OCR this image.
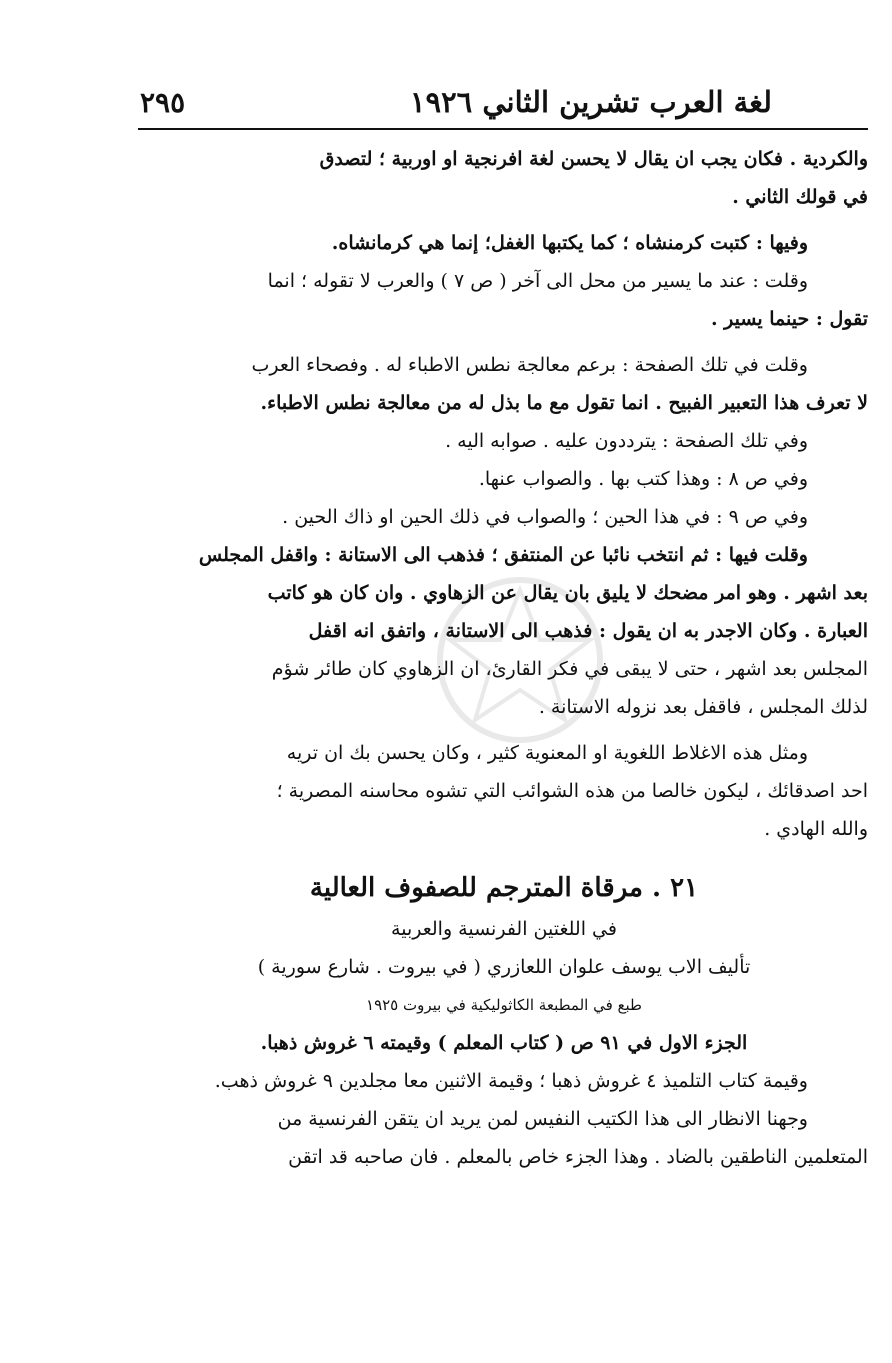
لغة العرب تشرين الثاني ١٩٢٦
٢٩٥

والكردية . فكان يجب ان يقال لا يحسن لغة افرنجية او اوربية ؛ لتصدق

في قولك الثاني .

وفيها : كتبت كرمنشاه ؛ كما يكتبها الغفل؛ إنما هي كرمانشاه.

وقلت : عند ما يسير من محل الى آخر ( ص ٧ ) والعرب لا تقوله ؛ انما

تقول : حينما يسير .

وقلت في تلك الصفحة : برعم معالجة نطس الاطباء له . وفصحاء العرب

لا تعرف هذا التعبير الفبيح . انما تقول مع ما بذل له من معالجة نطس الاطباء.

وفي تلك الصفحة : يترددون عليه . صوابه اليه .

وفي ص ٨ : وهذا كتب بها . والصواب عنها.

وفي ص ٩ : في هذا الحين ؛ والصواب في ذلك الحين او ذاك الحين .

وقلت فيها : ثم انتخب نائبا عن المنتفق ؛ فذهب الى الاستانة : واقفل المجلس

بعد اشهر . وهو امر مضحك لا يليق بان يقال عن الزهاوي . وان كان هو كاتب

العبارة . وكان الاجدر به ان يقول : فذهب الى الاستانة ، واتفق انه اقفل

المجلس بعد اشهر ، حتى لا يبقى في فكر القارئ، ان الزهاوي كان طائر شؤم

لذلك المجلس ، فاقفل بعد نزوله الاستانة .

ومثل هذه الاغلاط اللغوية او المعنوية كثير ، وكان يحسن بك ان تريه

احد اصدقائك ، ليكون خالصا من هذه الشوائب التي تشوه محاسنه المصرية ؛

والله الهادي .

٢١ . مرقاة المترجم للصفوف العالية

في اللغتين الفرنسية والعربية

تأليف الاب يوسف علوان اللعازري ( في بيروت . شارع سورية )

طبع في المطبعة الكاثوليكية في بيروت ١٩٢٥

الجزء الاول في ٩١ ص ( كتاب المعلم ) وقيمته ٦ غروش ذهبا.

وقيمة كتاب التلميذ ٤ غروش ذهبا ؛ وقيمة الاثنين معا مجلدين ٩ غروش ذهب.

وجهنا الانظار الى هذا الكتيب النفيس لمن يريد ان يتقن الفرنسية من

المتعلمين الناطقين بالضاد . وهذا الجزء خاص بالمعلم . فان صاحبه قد اتقن
